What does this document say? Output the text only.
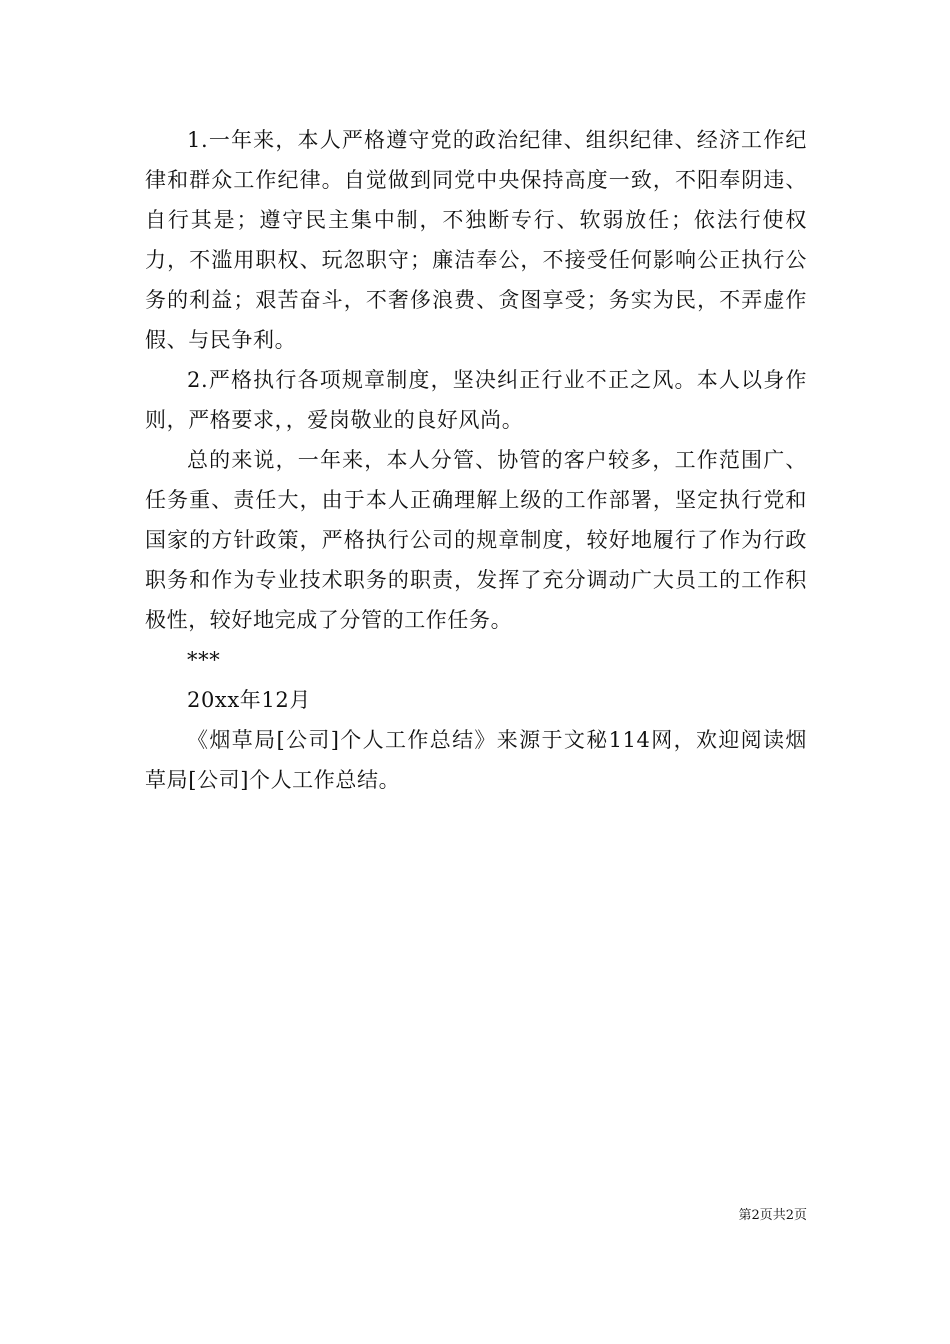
1.一年来，本人严格遵守党的政治纪律、组织纪律、经济工作纪律和群众工作纪律。自觉做到同党中央保持高度一致，不阳奉阴违、自行其是；遵守民主集中制，不独断专行、软弱放任；依法行使权力，不滥用职权、玩忽职守；廉洁奉公，不接受任何影响公正执行公务的利益；艰苦奋斗，不奢侈浪费、贪图享受；务实为民，不弄虚作假、与民争利。

2.严格执行各项规章制度，坚决纠正行业不正之风。本人以身作则，严格要求，，爱岗敬业的良好风尚。

总的来说，一年来，本人分管、协管的客户较多，工作范围广、任务重、责任大，由于本人正确理解上级的工作部署，坚定执行党和国家的方针政策，严格执行公司的规章制度，较好地履行了作为行政职务和作为专业技术职务的职责，发挥了充分调动广大员工的工作积极性，较好地完成了分管的工作任务。

***

20xx年12月

《烟草局[公司]个人工作总结》来源于文秘114网，欢迎阅读烟草局[公司]个人工作总结。

第2页共2页
